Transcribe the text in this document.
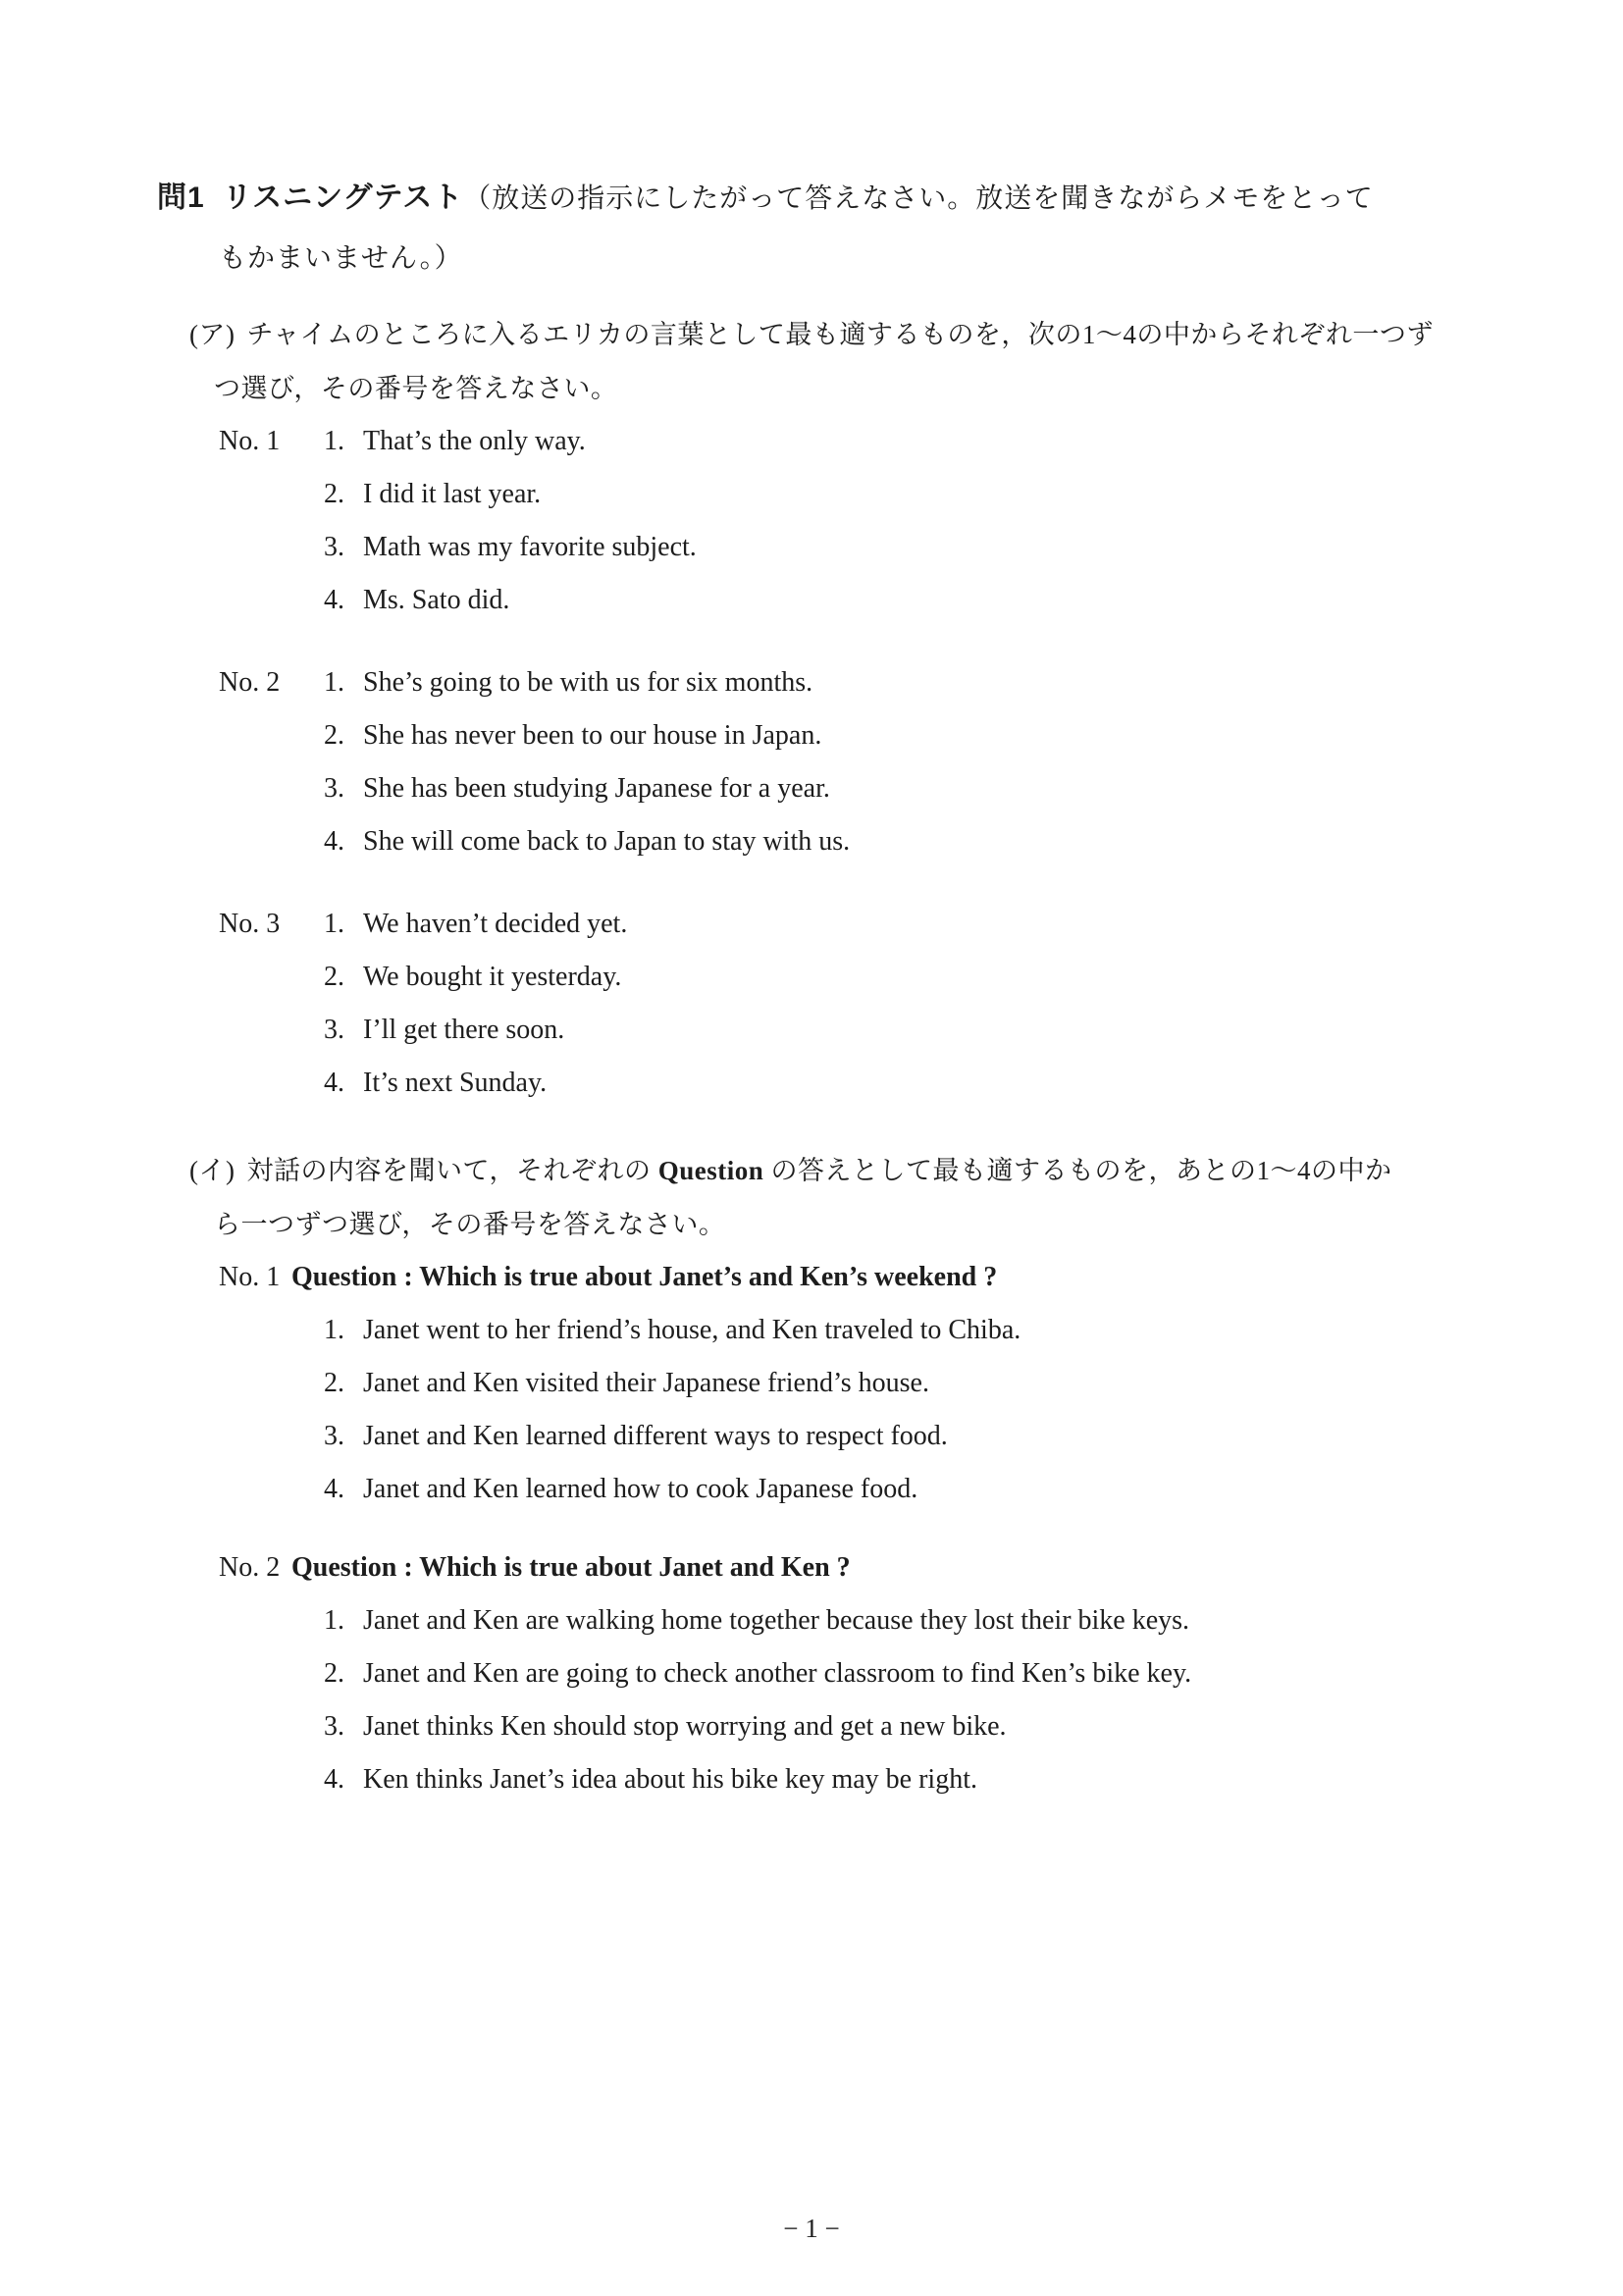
問1 リスニングテスト（放送の指示にしたがって答えなさい。放送を聞きながらメモをとって
もかまいません。）
(ア) チャイムのところに入るエリカの言葉として最も適するものを，次の1～4の中からそれぞれ一つず
つ選び，その番号を答えなさい。
No. 1	1. That’s the only way.
2. I did it last year.
3. Math was my favorite subject.
4. Ms. Sato did.
No. 2	1. She’s going to be with us for six months.
2. She has never been to our house in Japan.
3. She has been studying Japanese for a year.
4. She will come back to Japan to stay with us.
No. 3	1. We haven’t decided yet.
2. We bought it yesterday.
3. I’ll get there soon.
4. It’s next Sunday.
(イ) 対話の内容を聞いて，それぞれの Question の答えとして最も適するものを，あとの1～4の中か
ら一つずつ選び，その番号を答えなさい。
No. 1 Question : Which is true about Janet’s and Ken’s weekend ?
1. Janet went to her friend’s house, and Ken traveled to Chiba.
2. Janet and Ken visited their Japanese friend’s house.
3. Janet and Ken learned different ways to respect food.
4. Janet and Ken learned how to cook Japanese food.
No. 2 Question : Which is true about Janet and Ken ?
1. Janet and Ken are walking home together because they lost their bike keys.
2. Janet and Ken are going to check another classroom to find Ken’s bike key.
3. Janet thinks Ken should stop worrying and get a new bike.
4. Ken thinks Janet’s idea about his bike key may be right.
− 1 −
